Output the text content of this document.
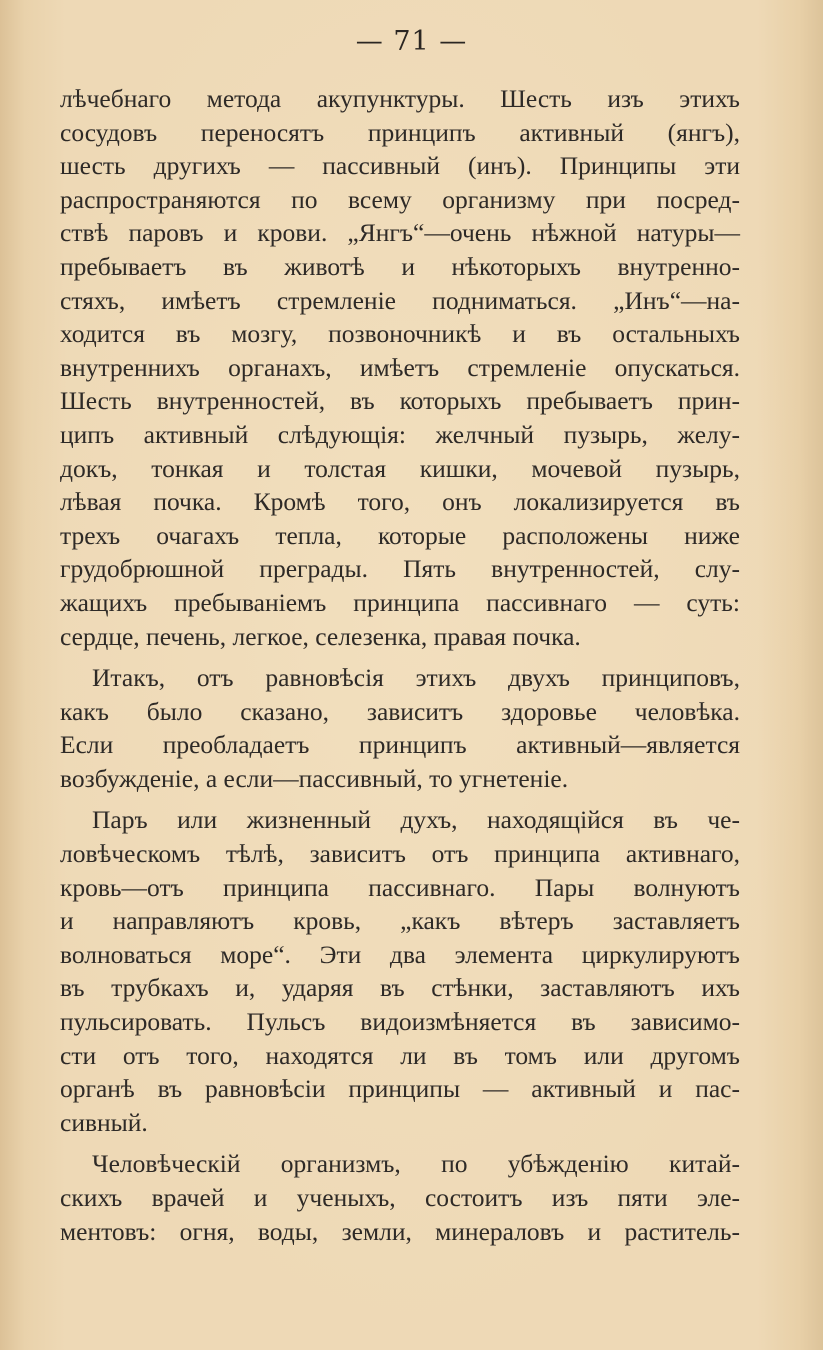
— 71 —

лѣчебнаго метода акупунктуры. Шесть изъ этихъ
сосудовъ переносятъ принципъ активный (янгъ),
шесть другихъ — пассивный (инъ). Принципы эти
распространяются по всему организму при посред-
ствѣ паровъ и крови. „Янгъ“—очень нѣжной натуры—
пребываетъ въ животѣ и нѣкоторыхъ внутренно-
стяхъ, имѣетъ стремленіе подниматься. „Инъ“—на-
ходится въ мозгу, позвоночникѣ и въ остальныхъ
внутреннихъ органахъ, имѣетъ стремленіе опускаться.
Шесть внутренностей, въ которыхъ пребываетъ прин-
ципъ активный слѣдующія: желчный пузырь, желу-
докъ, тонкая и толстая кишки, мочевой пузырь,
лѣвая почка. Кромѣ того, онъ локализируется въ
трехъ очагахъ тепла, которые расположены ниже
грудобрюшной преграды. Пять внутренностей, слу-
жащихъ пребываніемъ принципа пассивнаго — суть:
сердце, печень, легкое, селезенка, правая почка.

Итакъ, отъ равновѣсія этихъ двухъ принциповъ,
какъ было сказано, зависитъ здоровье человѣка.
Если преобладаетъ принципъ активный—является
возбужденіе, а если—пассивный, то угнетеніе.

Паръ или жизненный духъ, находящійся въ че-
ловѣческомъ тѣлѣ, зависитъ отъ принципа активнаго,
кровь—отъ принципа пассивнаго. Пары волнуютъ
и направляютъ кровь, „какъ вѣтеръ заставляетъ
волноваться море“. Эти два элемента циркулируютъ
въ трубкахъ и, ударяя въ стѣнки, заставляютъ ихъ
пульсировать. Пульсъ видоизмѣняется въ зависимо-
сти отъ того, находятся ли въ томъ или другомъ
органѣ въ равновѣсіи принципы — активный и пас-
сивный.

Человѣческій организмъ, по убѣжденію китай-
скихъ врачей и ученыхъ, состоитъ изъ пяти эле-
ментовъ: огня, воды, земли, минераловъ и раститель-
